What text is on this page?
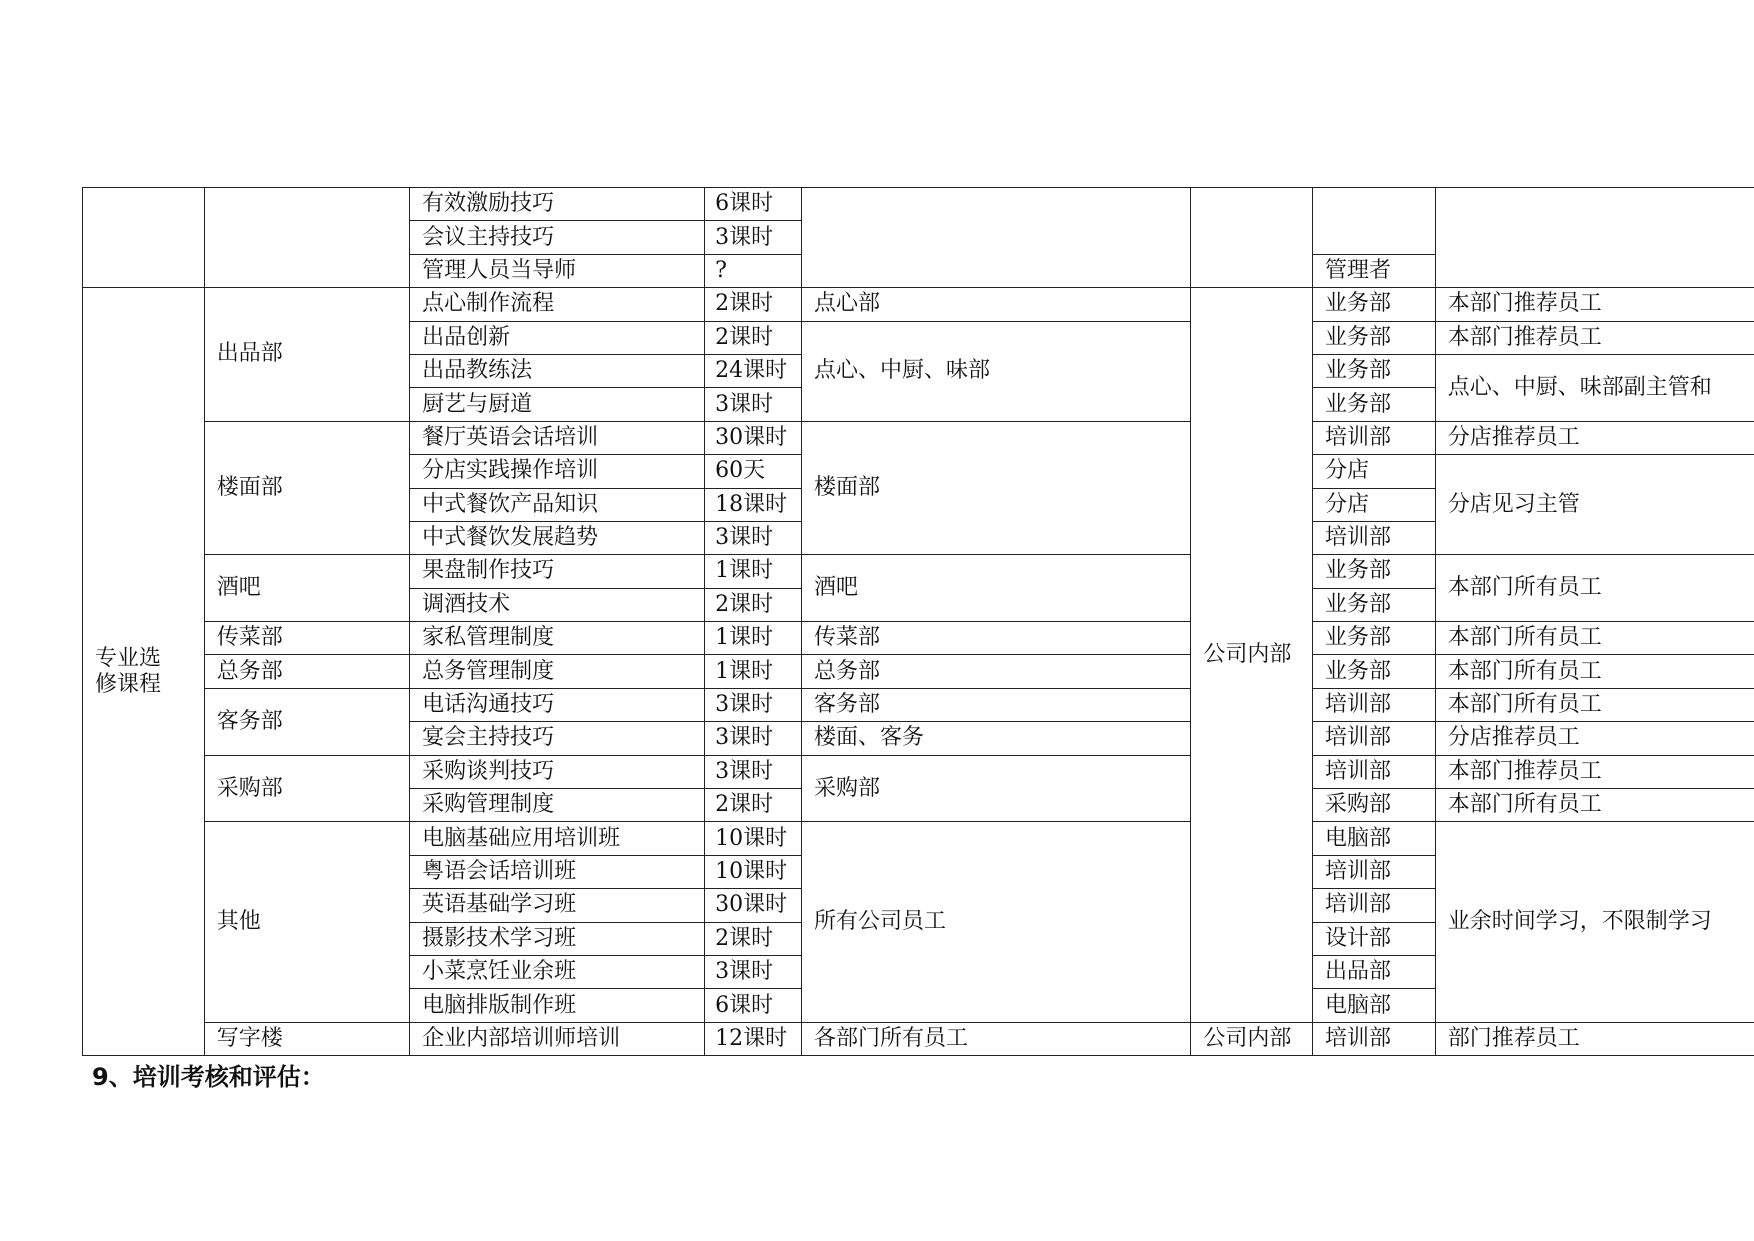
		有效激励技巧	6课时				
		会议主持技巧	3课时				
		管理人员当导师	?			管理者	

专业选
修课程	出品部	点心制作流程	2课时	点心部	公司内部	业务部	本部门推荐员工
		出品创新	2课时	点心、中厨、味部		业务部	本部门推荐员工
		出品教练法	24课时			业务部	点心、中厨、味部副主管和
		厨艺与厨道	3课时			业务部	
	楼面部	餐厅英语会话培训	30课时	楼面部		培训部	分店推荐员工
		分店实践操作培训	60天			分店	分店见习主管
		中式餐饮产品知识	18课时			分店	
		中式餐饮发展趋势	3课时			培训部	
	酒吧	果盘制作技巧	1课时	酒吧		业务部	本部门所有员工
		调酒技术	2课时			业务部	
	传菜部	家私管理制度	1课时	传菜部		业务部	本部门所有员工
	总务部	总务管理制度	1课时	总务部		业务部	本部门所有员工
	客务部	电话沟通技巧	3课时	客务部		培训部	本部门所有员工
		宴会主持技巧	3课时	楼面、客务		培训部	分店推荐员工
	采购部	采购谈判技巧	3课时	采购部		培训部	本部门推荐员工
		采购管理制度	2课时			采购部	本部门所有员工
	其他	电脑基础应用培训班	10课时	所有公司员工		电脑部	业余时间学习，不限制学习
		粤语会话培训班	10课时			培训部	
		英语基础学习班	30课时			培训部	
		摄影技术学习班	2课时			设计部	
		小菜烹饪业余班	3课时			出品部	
		电脑排版制作班	6课时			电脑部	
	写字楼	企业内部培训师培训	12课时	各部门所有员工	公司内部	培训部	部门推荐员工
9、培训考核和评估：
